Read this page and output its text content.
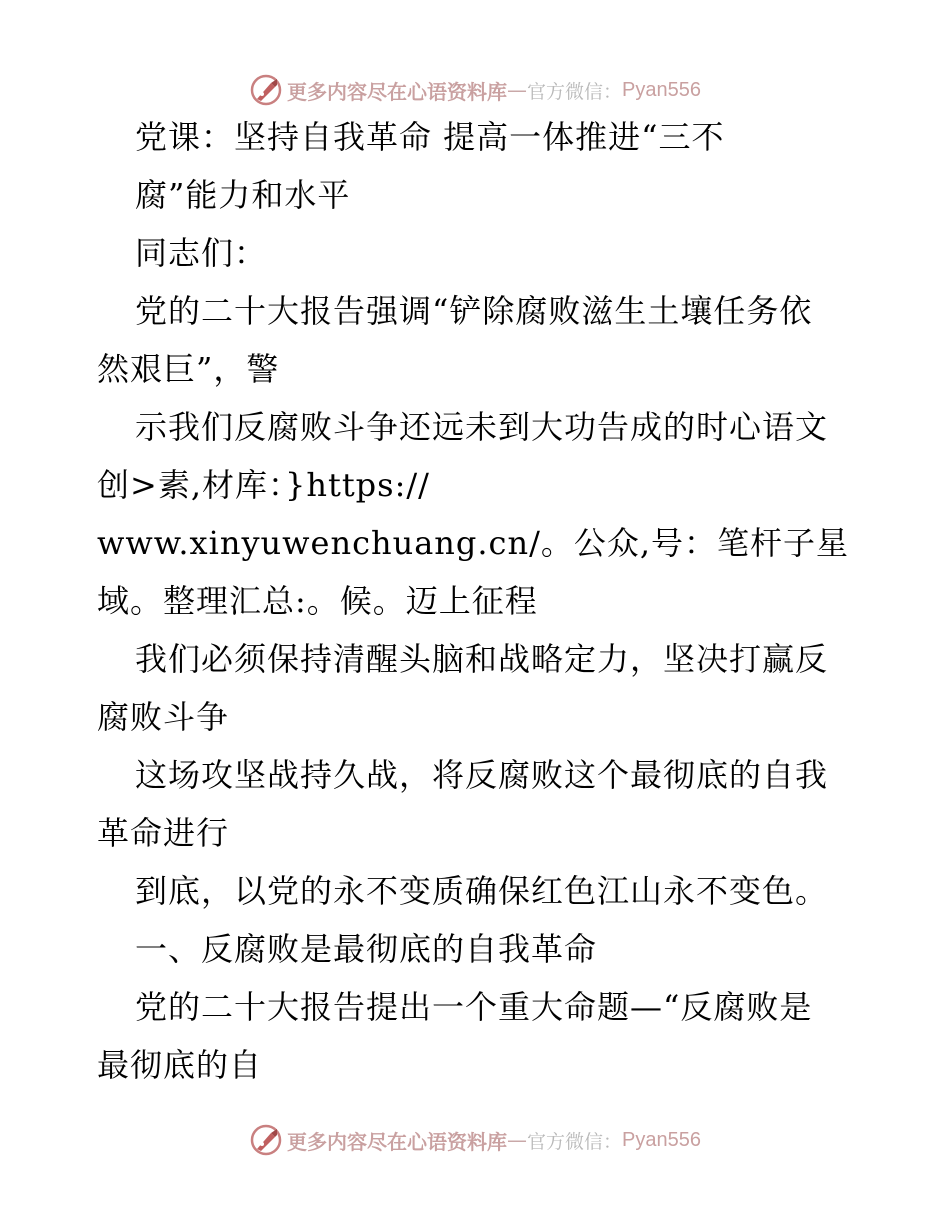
更多内容尽在心语资料库 — 官方微信： Pyan556
党课：坚持自我革命 提高一体推进“三不
腐”能力和水平
同志们：
党的二十大报告强调“铲除腐败滋生土壤任务依
然艰巨”，警
示我们反腐败斗争还远未到大功告成的时心语文
创>素,材库：}https://
www.xinyuwenchuang.cn/。公众,号：笔杆子星
域。整理汇总:。候。迈上征程
我们必须保持清醒头脑和战略定力，坚决打赢反
腐败斗争
这场攻坚战持久战，将反腐败这个最彻底的自我
革命进行
到底，以党的永不变质确保红色江山永不变色。
一、反腐败是最彻底的自我革命
党的二十大报告提出一个重大命题—“反腐败是
最彻底的自
更多内容尽在心语资料库 — 官方微信： Pyan556
